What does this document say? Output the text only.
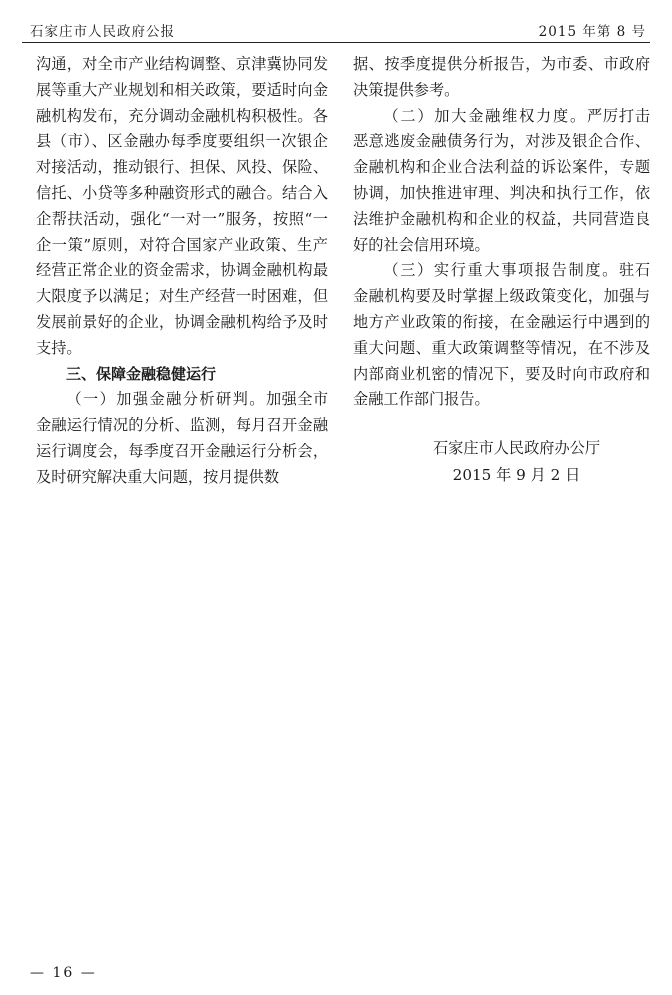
石家庄市人民政府公报	2015 年第 8 号

沟通，对全市产业结构调整、京津冀协同发展等重大产业规划和相关政策，要适时向金融机构发布，充分调动金融机构积极性。各县（市）、区金融办每季度要组织一次银企对接活动，推动银行、担保、风投、保险、信托、小贷等多种融资形式的融合。结合入企帮扶活动，强化“一对一”服务，按照“一企一策”原则，对符合国家产业政策、生产经营正常企业的资金需求，协调金融机构最大限度予以满足；对生产经营一时困难，但发展前景好的企业，协调金融机构给予及时支持。

三、保障金融稳健运行

（一）加强金融分析研判。加强全市金融运行情况的分析、监测，每月召开金融运行调度会，每季度召开金融运行分析会，及时研究解决重大问题，按月提供数

据、按季度提供分析报告，为市委、市政府决策提供参考。

（二）加大金融维权力度。严厉打击恶意逃废金融债务行为，对涉及银企合作、金融机构和企业合法利益的诉讼案件，专题协调，加快推进审理、判决和执行工作，依法维护金融机构和企业的权益，共同营造良好的社会信用环境。

（三）实行重大事项报告制度。驻石金融机构要及时掌握上级政策变化，加强与地方产业政策的衔接，在金融运行中遇到的重大问题、重大政策调整等情况，在不涉及内部商业机密的情况下，要及时向市政府和金融工作部门报告。

石家庄市人民政府办公厅
2015 年 9 月 2 日
— 16 —
